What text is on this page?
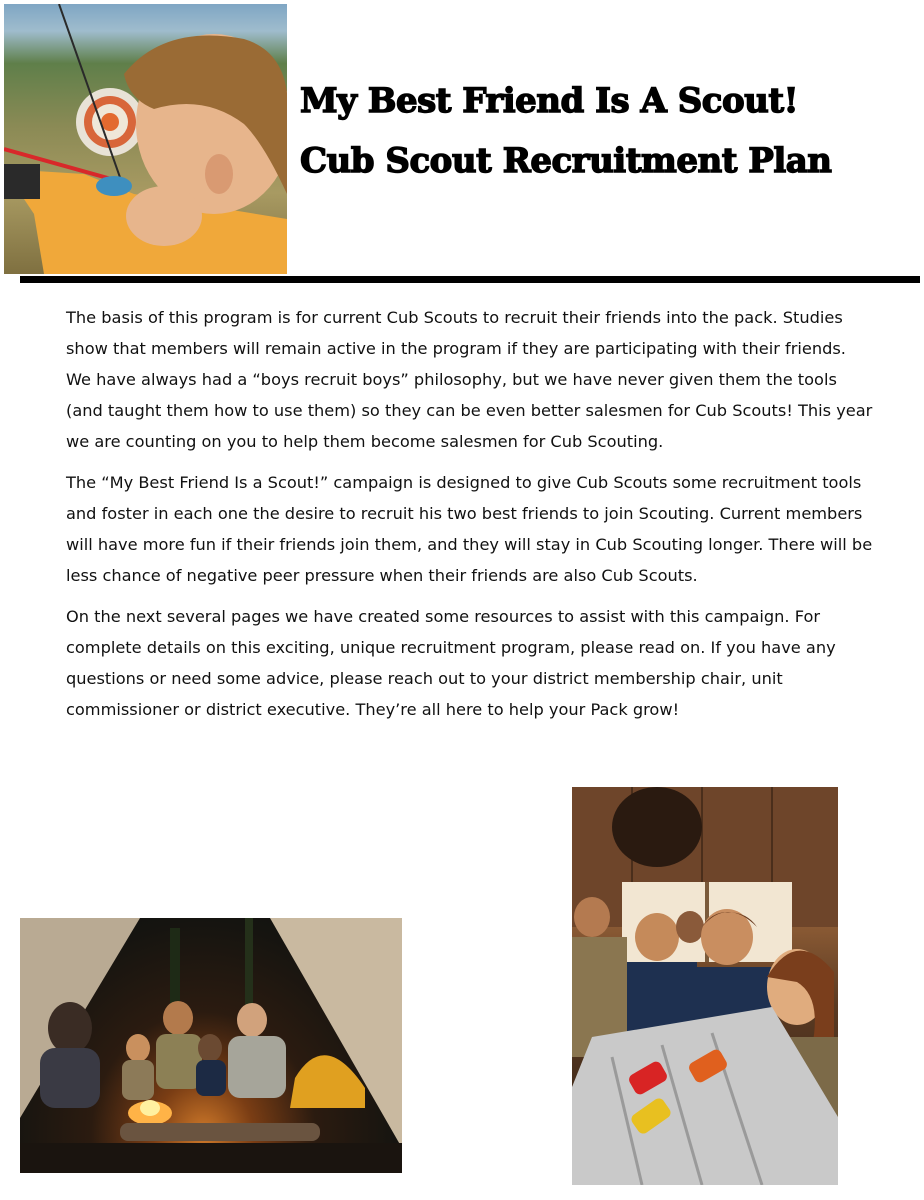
My Best Friend Is A Scout!
Cub Scout Recruitment Plan

The basis of this program is for current Cub Scouts to recruit their friends into the pack. Studies show that members will remain active in the program if they are participating with their friends. We have always had a “boys recruit boys” philosophy, but we have never given them the tools (and taught them how to use them) so they can be even better salesmen for Cub Scouts! This year we are counting on you to help them become salesmen for Cub Scouting.

The “My Best Friend Is a Scout!” campaign is designed to give Cub Scouts some recruitment tools and foster in each one the desire to recruit his two best friends to join Scouting. Current members will have more fun if their friends join them, and they will stay in Cub Scouting longer. There will be less chance of negative peer pressure when their friends are also Cub Scouts.

On the next several pages we have created some resources to assist with this campaign. For complete details on this exciting, unique recruitment program, please read on. If you have any questions or need some advice, please reach out to your district membership chair, unit commissioner or district executive. They’re all here to help your Pack grow!
